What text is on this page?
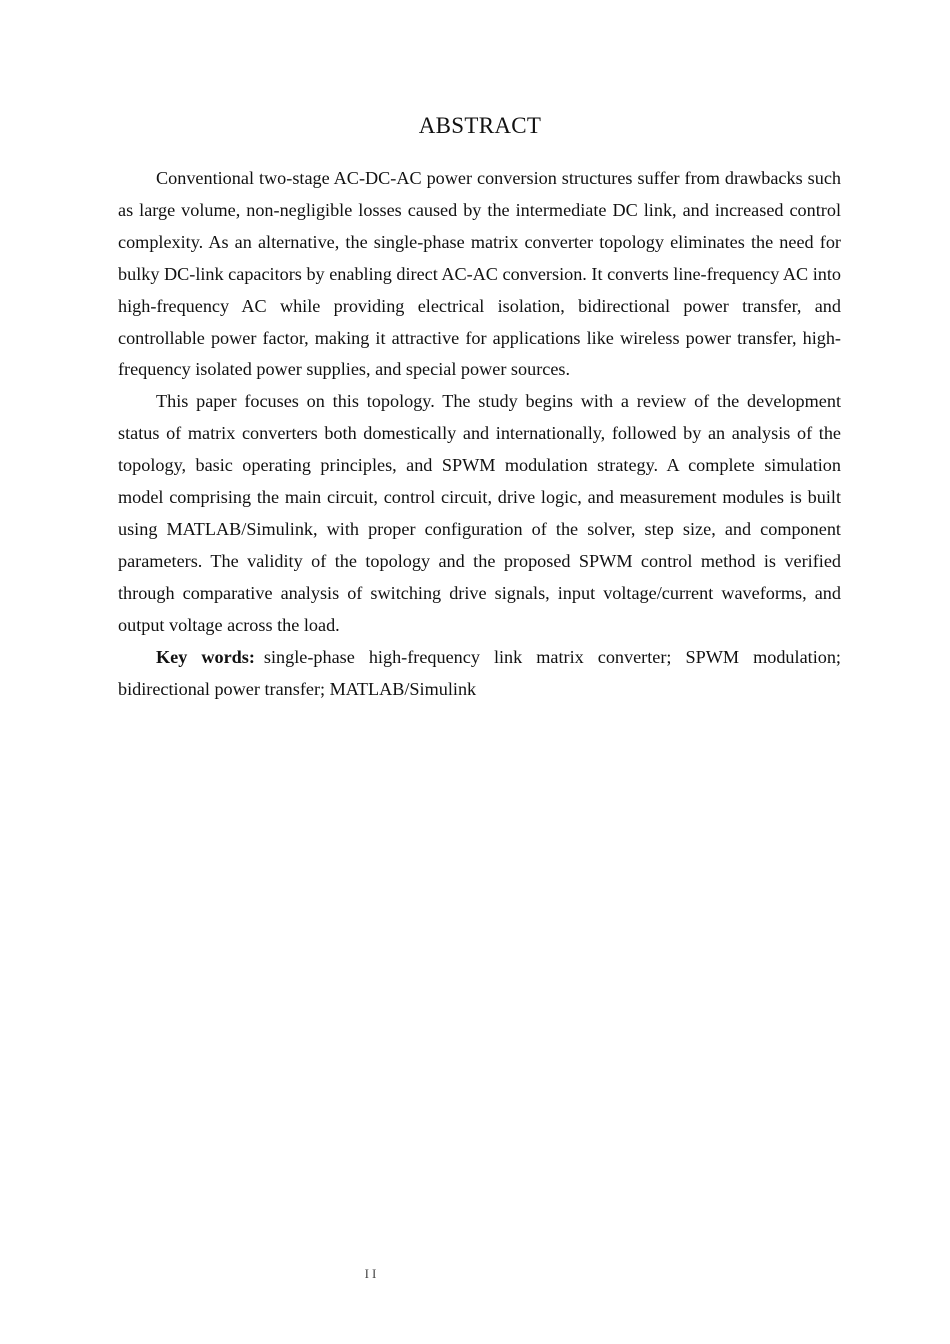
ABSTRACT

Conventional two-stage AC-DC-AC power conversion structures suffer from drawbacks such as large volume, non-negligible losses caused by the intermediate DC link, and increased control complexity. As an alternative, the single-phase matrix converter topology eliminates the need for bulky DC-link capacitors by enabling direct AC-AC conversion. It converts line-frequency AC into high-frequency AC while providing electrical isolation, bidirectional power transfer, and controllable power factor, making it attractive for applications like wireless power transfer, high-frequency isolated power supplies, and special power sources.

This paper focuses on this topology. The study begins with a review of the development status of matrix converters both domestically and internationally, followed by an analysis of the topology, basic operating principles, and SPWM modulation strategy. A complete simulation model comprising the main circuit, control circuit, drive logic, and measurement modules is built using MATLAB/Simulink, with proper configuration of the solver, step size, and component parameters. The validity of the topology and the proposed SPWM control method is verified through comparative analysis of switching drive signals, input voltage/current waveforms, and output voltage across the load.

Key words: single-phase high-frequency link matrix converter; SPWM modulation; bidirectional power transfer; MATLAB/Simulink

II
